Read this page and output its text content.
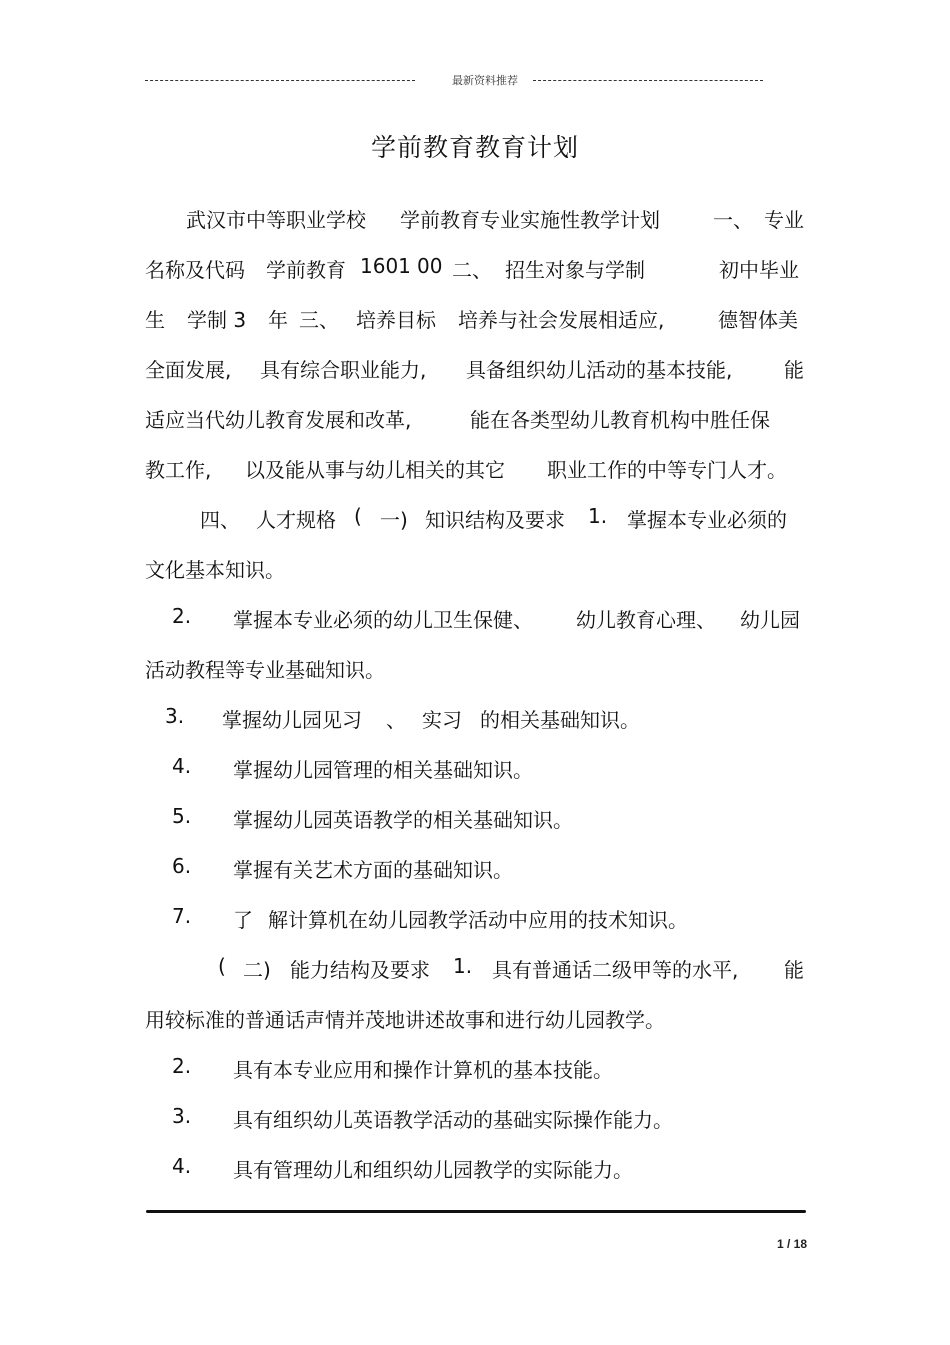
最新资料推荐
学前教育教育计划
武汉市中等职业学校 学前教育专业实施性教学计划	一、 专业
名称及代码 学前教育 1601 00 二、 招生对象与学制	初中毕业
生 学制 3 年 三、 培养目标 培养与社会发展相适应,	德智体美
全面发展, 具有综合职业能力, 具备组织幼儿活动的基本技能,	能
适应当代幼儿教育发展和改革,	能在各类型幼儿教育机构中胜任保
教工作, 以及能从事与幼儿相关的其它 职业工作的中等专门人才。
四、 人才规格 ( 一) 知识结构及要求 1. 掌握本专业必须的
文化基本知识。
2. 掌握本专业必须的幼儿卫生保健、 幼儿教育心理、 幼儿园
活动教程等专业基础知识。
3. 掌握幼儿园见习 、 实习 的相关基础知识。
4. 掌握幼儿园管理的相关基础知识。
5. 掌握幼儿园英语教学的相关基础知识。
6. 掌握有关艺术方面的基础知识。
7. 了 解计算机在幼儿园教学活动中应用的技术知识。
( 二) 能力结构及要求 1. 具有普通话二级甲等的水平, 能
用较标准的普通话声情并茂地讲述故事和进行幼儿园教学。
2. 具有本专业应用和操作计算机的基本技能。
3. 具有组织幼儿英语教学活动的基础实际操作能力。
4. 具有管理幼儿和组织幼儿园教学的实际能力。
1 / 18
